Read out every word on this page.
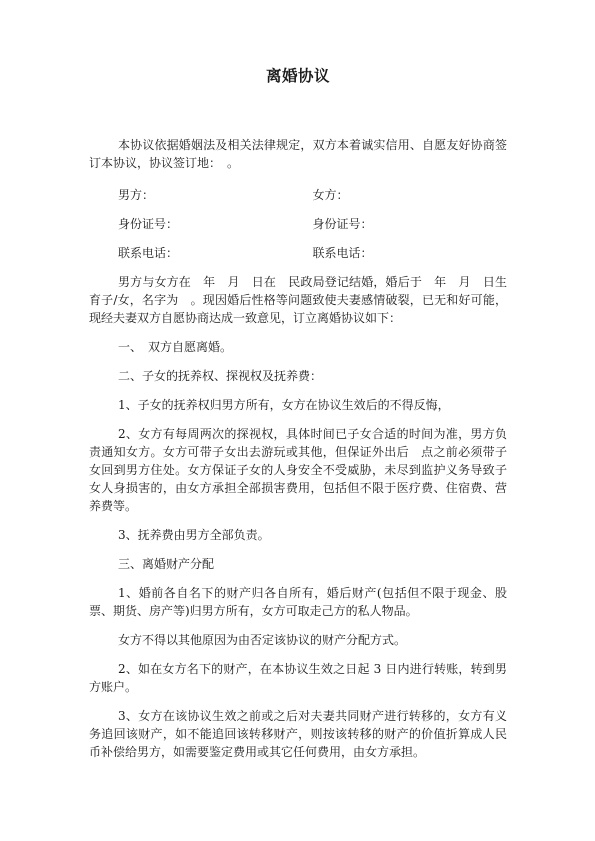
离婚协议

本协议依据婚姻法及相关法律规定，双方本着诚实信用、自愿友好协商签订本协议，协议签订地：　。

男方：	女方：
身份证号：	身份证号：
联系电话：	联系电话：

男方与女方在　年　月　日在　民政局登记结婚，婚后于　年　月　日生育子/女，名字为　。现因婚后性格等问题致使夫妻感情破裂，已无和好可能，现经夫妻双方自愿协商达成一致意见，订立离婚协议如下：

一、　双方自愿离婚。

二、子女的抚养权、探视权及抚养费：

1、子女的抚养权归男方所有，女方在协议生效后的不得反悔，

2、女方有每周两次的探视权，具体时间已子女合适的时间为准，男方负责通知女方。女方可带子女出去游玩或其他，但保证外出后　点之前必须带子女回到男方住处。女方保证子女的人身安全不受威胁，未尽到监护义务导致子女人身损害的，由女方承担全部损害费用，包括但不限于医疗费、住宿费、营养费等。

3、抚养费由男方全部负责。

三、离婚财产分配

1、婚前各自名下的财产归各自所有，婚后财产(包括但不限于现金、股票、期货、房产等)归男方所有，女方可取走己方的私人物品。

女方不得以其他原因为由否定该协议的财产分配方式。

2、如在女方名下的财产，在本协议生效之日起 3 日内进行转账，转到男方账户。

3、女方在该协议生效之前或之后对夫妻共同财产进行转移的，女方有义务追回该财产，如不能追回该转移财产，则按该转移的财产的价值折算成人民币补偿给男方，如需要鉴定费用或其它任何费用，由女方承担。
